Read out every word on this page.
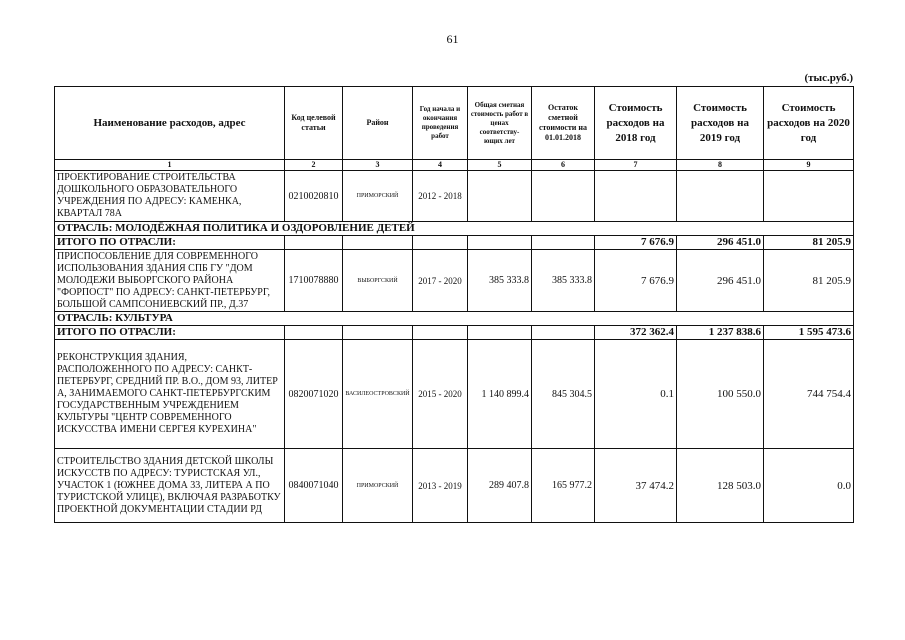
61
(тыс.руб.)
Наименование расходов, адрес	Код целевой статьи	Район	Год начала и окончания проведения работ	Общая сметная стоимость работ в ценах соответству- ющих лет	Остаток сметной стоимости на 01.01.2018	Стоимость расходов на 2018 год	Стоимость расходов на 2019 год	Стоимость расходов на 2020 год
1	2	3	4	5	6	7	8	9
ПРОЕКТИРОВАНИЕ СТРОИТЕЛЬСТВА ДОШКОЛЬНОГО ОБРАЗОВАТЕЛЬНОГО УЧРЕЖДЕНИЯ ПО АДРЕСУ: КАМЕНКА, КВАРТАЛ 78А	0210020810	ПРИМОРСКИЙ	2012 - 2018					
ОТРАСЛЬ: МОЛОДЁЖНАЯ ПОЛИТИКА И ОЗДОРОВЛЕНИЕ ДЕТЕЙ								
ИТОГО ПО ОТРАСЛИ:						7 676.9	296 451.0	81 205.9
ПРИСПОСОБЛЕНИЕ ДЛЯ СОВРЕМЕННОГО ИСПОЛЬЗОВАНИЯ ЗДАНИЯ СПБ ГУ "ДОМ МОЛОДЕЖИ ВЫБОРГСКОГО РАЙОНА "ФОРПОСТ" ПО АДРЕСУ: САНКТ-ПЕТЕРБУРГ, БОЛЬШОЙ САМПСОНИЕВСКИЙ ПР., Д.37	1710078880	ВЫБОРГСКИЙ	2017 - 2020	385 333.8	385 333.8	7 676.9	296 451.0	81 205.9
ОТРАСЛЬ: КУЛЬТУРА								
ИТОГО ПО ОТРАСЛИ:						372 362.4	1 237 838.6	1 595 473.6
РЕКОНСТРУКЦИЯ ЗДАНИЯ, РАСПОЛОЖЕННОГО ПО АДРЕСУ: САНКТ-ПЕТЕРБУРГ, СРЕДНИЙ ПР. В.О., ДОМ 93, ЛИТЕР А, ЗАНИМАЕМОГО САНКТ-ПЕТЕРБУРГСКИМ ГОСУДАРСТВЕННЫМ УЧРЕЖДЕНИЕМ КУЛЬТУРЫ "ЦЕНТР СОВРЕМЕННОГО ИСКУССТВА ИМЕНИ СЕРГЕЯ КУРЕХИНА"	0820071020	ВАСИЛЕОСТРОВСКИЙ	2015 - 2020	1 140 899.4	845 304.5	0.1	100 550.0	744 754.4
СТРОИТЕЛЬСТВО ЗДАНИЯ ДЕТСКОЙ ШКОЛЫ ИСКУССТВ ПО АДРЕСУ: ТУРИСТСКАЯ УЛ., УЧАСТОК 1 (ЮЖНЕЕ ДОМА 33, ЛИТЕРА А ПО ТУРИСТСКОЙ УЛИЦЕ), ВКЛЮЧАЯ РАЗРАБОТКУ ПРОЕКТНОЙ ДОКУМЕНТАЦИИ СТАДИИ РД	0840071040	ПРИМОРСКИЙ	2013 - 2019	289 407.8	165 977.2	37 474.2	128 503.0	0.0
